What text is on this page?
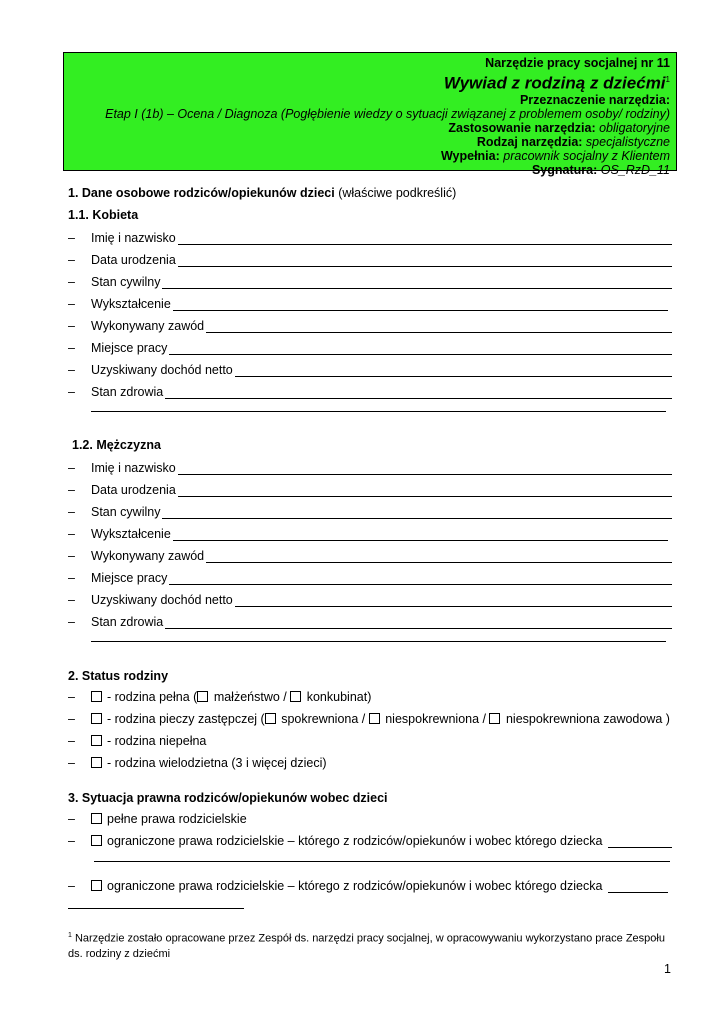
Narzędzie pracy socjalnej nr 11
Wywiad z rodziną z dziećmi$^1$
Przeznaczenie narzędzia:
Etap I (1b) – Ocena / Diagnoza (Pogłębienie wiedzy o sytuacji związanej z problemem osoby/ rodziny)
Zastosowanie narzędzia: obligatoryjne
Rodzaj narzędzia: specjalistyczne
Wypełnia: pracownik socjalny z Klientem
Sygnatura: OS_RzD_11
1. Dane osobowe rodziców/opiekunów dzieci (właściwe podkreślić)
1.1. Kobieta
–	Imię i nazwisko
–	Data urodzenia
–	Stan cywilny
–	Wykształcenie
–	Wykonywany zawód
–	Miejsce pracy
–	Uzyskiwany dochód netto
–	Stan zdrowia
1.2. Mężczyzna
–	Imię i nazwisko
–	Data urodzenia
–	Stan cywilny
–	Wykształcenie
–	Wykonywany zawód
–	Miejsce pracy
–	Uzyskiwany dochód netto
–	Stan zdrowia
2. Status rodziny
–	- rodzina pełna ( małżeństwo / konkubinat)
–	- rodzina pieczy zastępczej ( spokrewniona / niespokrewniona / niespokrewniona zawodowa )
–	- rodzina niepełna
–	- rodzina wielodzietna (3 i więcej dzieci)
3. Sytuacja prawna rodziców/opiekunów wobec dzieci
–	pełne prawa rodzicielskie
–	ograniczone prawa rodzicielskie – którego z rodziców/opiekunów i wobec którego dziecka
–	ograniczone prawa rodzicielskie – którego z rodziców/opiekunów i wobec którego dziecka
$^1$ Narzędzie zostało opracowane przez Zespół ds. narzędzi pracy socjalnej, w opracowywaniu wykorzystano prace Zespołu ds. rodziny z dziećmi
1
